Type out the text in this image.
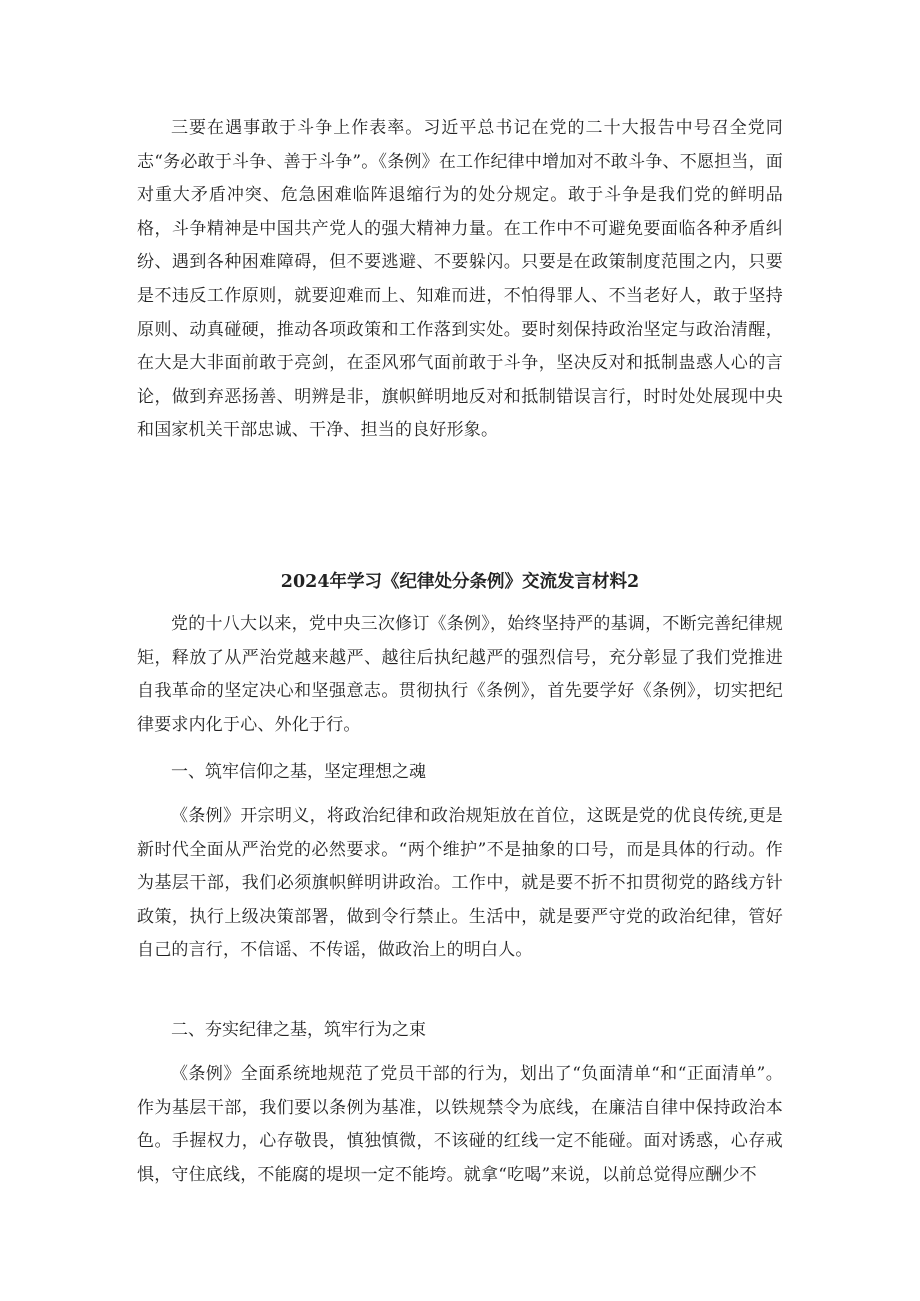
三要在遇事敢于斗争上作表率。习近平总书记在党的二十大报告中号召全党同志“务必敢于斗争、善于斗争”。《条例》在工作纪律中增加对不敢斗争、不愿担当，面对重大矛盾冲突、危急困难临阵退缩行为的处分规定。敢于斗争是我们党的鲜明品格，斗争精神是中国共产党人的强大精神力量。在工作中不可避免要面临各种矛盾纠纷、遇到各种困难障碍，但不要逃避、不要躲闪。只要是在政策制度范围之内，只要是不违反工作原则，就要迎难而上、知难而进，不怕得罪人、不当老好人，敢于坚持原则、动真碰硬，推动各项政策和工作落到实处。要时刻保持政治坚定与政治清醒，在大是大非面前敢于亮剑，在歪风邪气面前敢于斗争，坚决反对和抵制蛊惑人心的言论，做到弃恶扬善、明辨是非，旗帜鲜明地反对和抵制错误言行，时时处处展现中央和国家机关干部忠诚、干净、担当的良好形象。

2024年学习《纪律处分条例》交流发言材料2

党的十八大以来，党中央三次修订《条例》，始终坚持严的基调，不断完善纪律规矩，释放了从严治党越来越严、越往后执纪越严的强烈信号，充分彰显了我们党推进自我革命的坚定决心和坚强意志。贯彻执行《条例》，首先要学好《条例》，切实把纪律要求内化于心、外化于行。

一、筑牢信仰之基，坚定理想之魂

《条例》开宗明义，将政治纪律和政治规矩放在首位，这既是党的优良传统,更是新时代全面从严治党的必然要求。“两个维护”不是抽象的口号，而是具体的行动。作为基层干部，我们必须旗帜鲜明讲政治。工作中，就是要不折不扣贯彻党的路线方针政策，执行上级决策部署，做到令行禁止。生活中，就是要严守党的政治纪律，管好自己的言行，不信谣、不传谣，做政治上的明白人。

二、夯实纪律之基，筑牢行为之束

《条例》全面系统地规范了党员干部的行为，划出了“负面清单“和“正面清单”。作为基层干部，我们要以条例为基准，以铁规禁令为底线，在廉洁自律中保持政治本色。手握权力，心存敬畏，慎独慎微，不该碰的红线一定不能碰。面对诱惑，心存戒惧，守住底线，不能腐的堤坝一定不能垮。就拿“吃喝”来说，以前总觉得应酬少不
